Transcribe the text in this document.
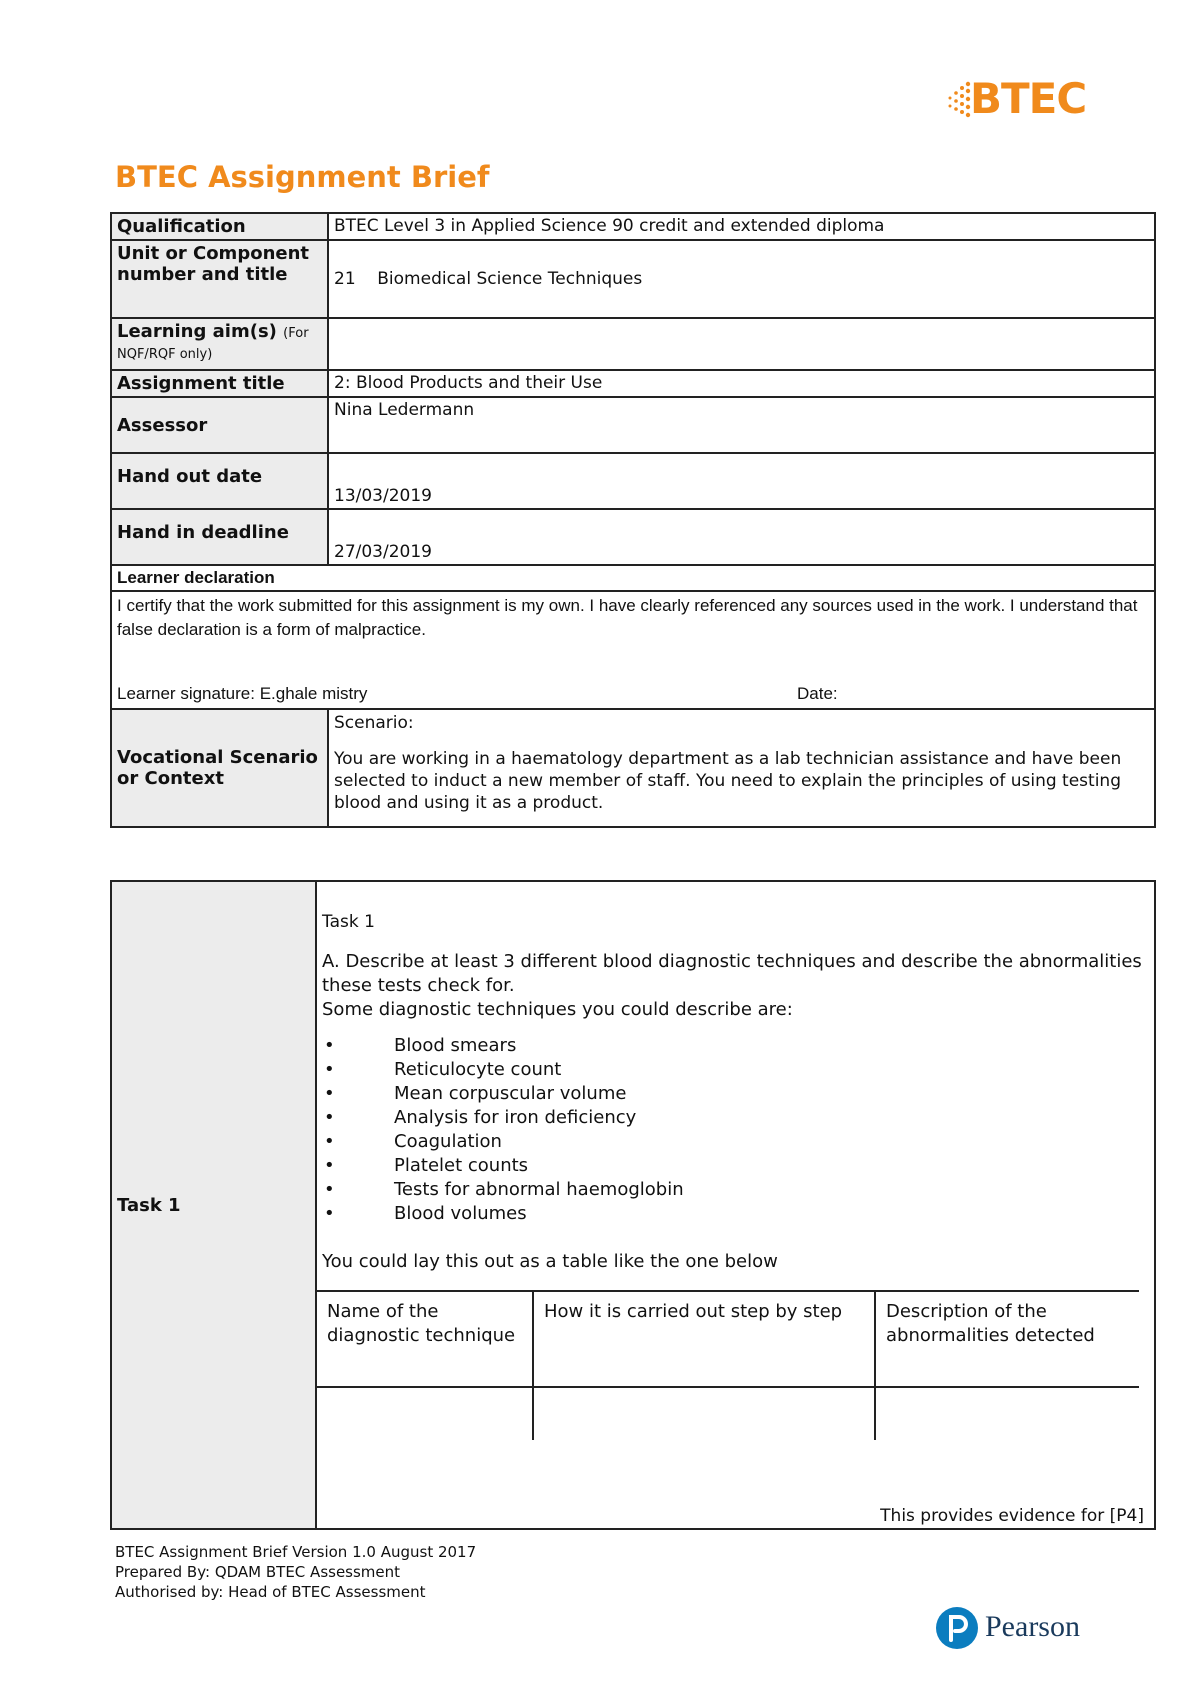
BTEC
BTEC Assignment Brief
Qualification	BTEC Level 3 in Applied Science 90 credit and extended diploma
Unit or Component number and title	21 Biomedical Science Techniques
Learning aim(s) (For NQF/RQF only)	
Assignment title	2: Blood Products and their Use
Assessor	Nina Ledermann
Hand out date	13/03/2019
Hand in deadline	27/03/2019
Learner declaration	

I certify that the work submitted for this assignment is my own. I have clearly referenced any sources used in the work. I understand that false declaration is a form of malpractice.
Learner signature: E.ghale mistry Date:	

Vocational Scenario or Context	Scenario:
You are working in a haematology department as a lab technician assistance and have been selected to induct a new member of staff. You need to explain the principles of using testing blood and using it as a product.
Task 1	

Task 1

A. Describe at least 3 different blood diagnostic techniques and describe the abnormalities these tests check for.

Some diagnostic techniques you could describe are:

• Blood smears
• Reticulocyte count
• Mean corpuscular volume
• Analysis for iron deficiency
• Coagulation
• Platelet counts
• Tests for abnormal haemoglobin
• Blood volumes

You could lay this out as a table like the one below

Name of the diagnostic technique	How it is carried out step by step	Description of the abnormalities detected

This provides evidence for [P4]
BTEC Assignment Brief Version 1.0 August 2017
Prepared By: QDAM BTEC Assessment
Authorised by: Head of BTEC Assessment
Pearson
